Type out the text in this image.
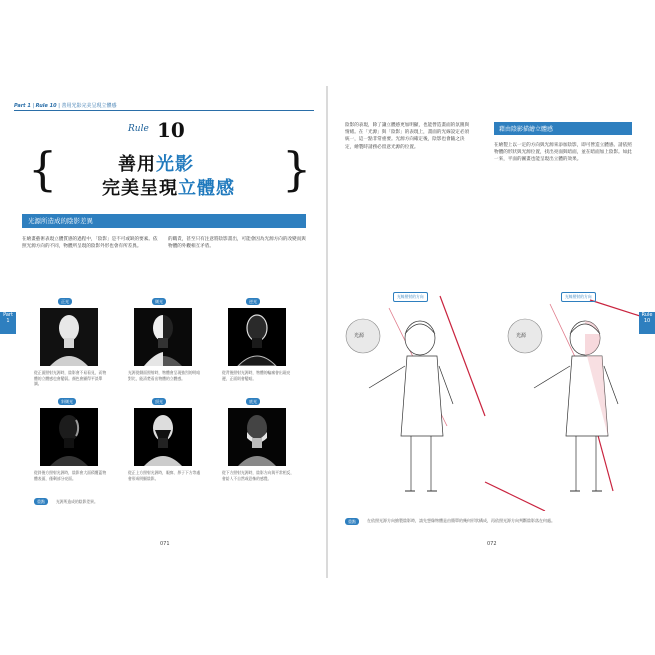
Part 1 | Rule 10 | 善用光影完美呈現立體感
Rule 10
{	}
善用光影
完美呈現立體感
光源所造成的陰影差異
在繪畫藝術表現立體質感的過程中，「陰影」是不可或缺的要素。依照光源方向的不同，物體所呈現的陰影外形也會有所差異。
的職責，甚至只有注意將陰影畫出，可能會因為光源方向的改變而與物體的外觀相互矛盾。
正光
從正面照射光源時，陰影會不易看見，而物體的立體感也會變弱。顏色會顯得平淡單調。
側光
光源從側面照射時，物體會呈現強烈的明暗對比，能清楚看出物體的立體感。
逆光
從背後照射光源時，物體的輪廓會出現亮邊，正面則會變暗。
斜側光
從斜後方照射光源時，陰影會大面積覆蓋物體表面，僅剩部分亮面。
頂光
從正上方照射光源時，眼窩、鼻子下方等處會形成明顯陰影。
底光
從下方照射光源時，陰影方向與平常相反，會給人不自然或恐怖的感覺。
重點	光源所造成的陰影差異。
Part
1
071
陰影的表現，除了讓立體感更加明顯，也能營造畫面的氛圍與情緒。在「光源」與「陰影」的表現上，畫面的光線設定必須統一，這一點非常重要。光源方向確定後，陰影也會隨之決定，繪製時請務必留意光源的位置。
藉由陰影描繪立體感
在繪製上以一定的方向與光源來添加陰影，即可營造立體感。請依照物體的形狀與光源位置，找出亮面與暗面，並在暗面加上陰影。如此一來，平面的圖畫也能呈現出立體的效果。
光源	光源
光線照射的方向	光線照射的方向
重點	在依照光源方向繪製陰影時，請先想像物體是由簡單的幾何形狀構成，再依照光源方向判斷陰影落在何處。
Rule
10
072
